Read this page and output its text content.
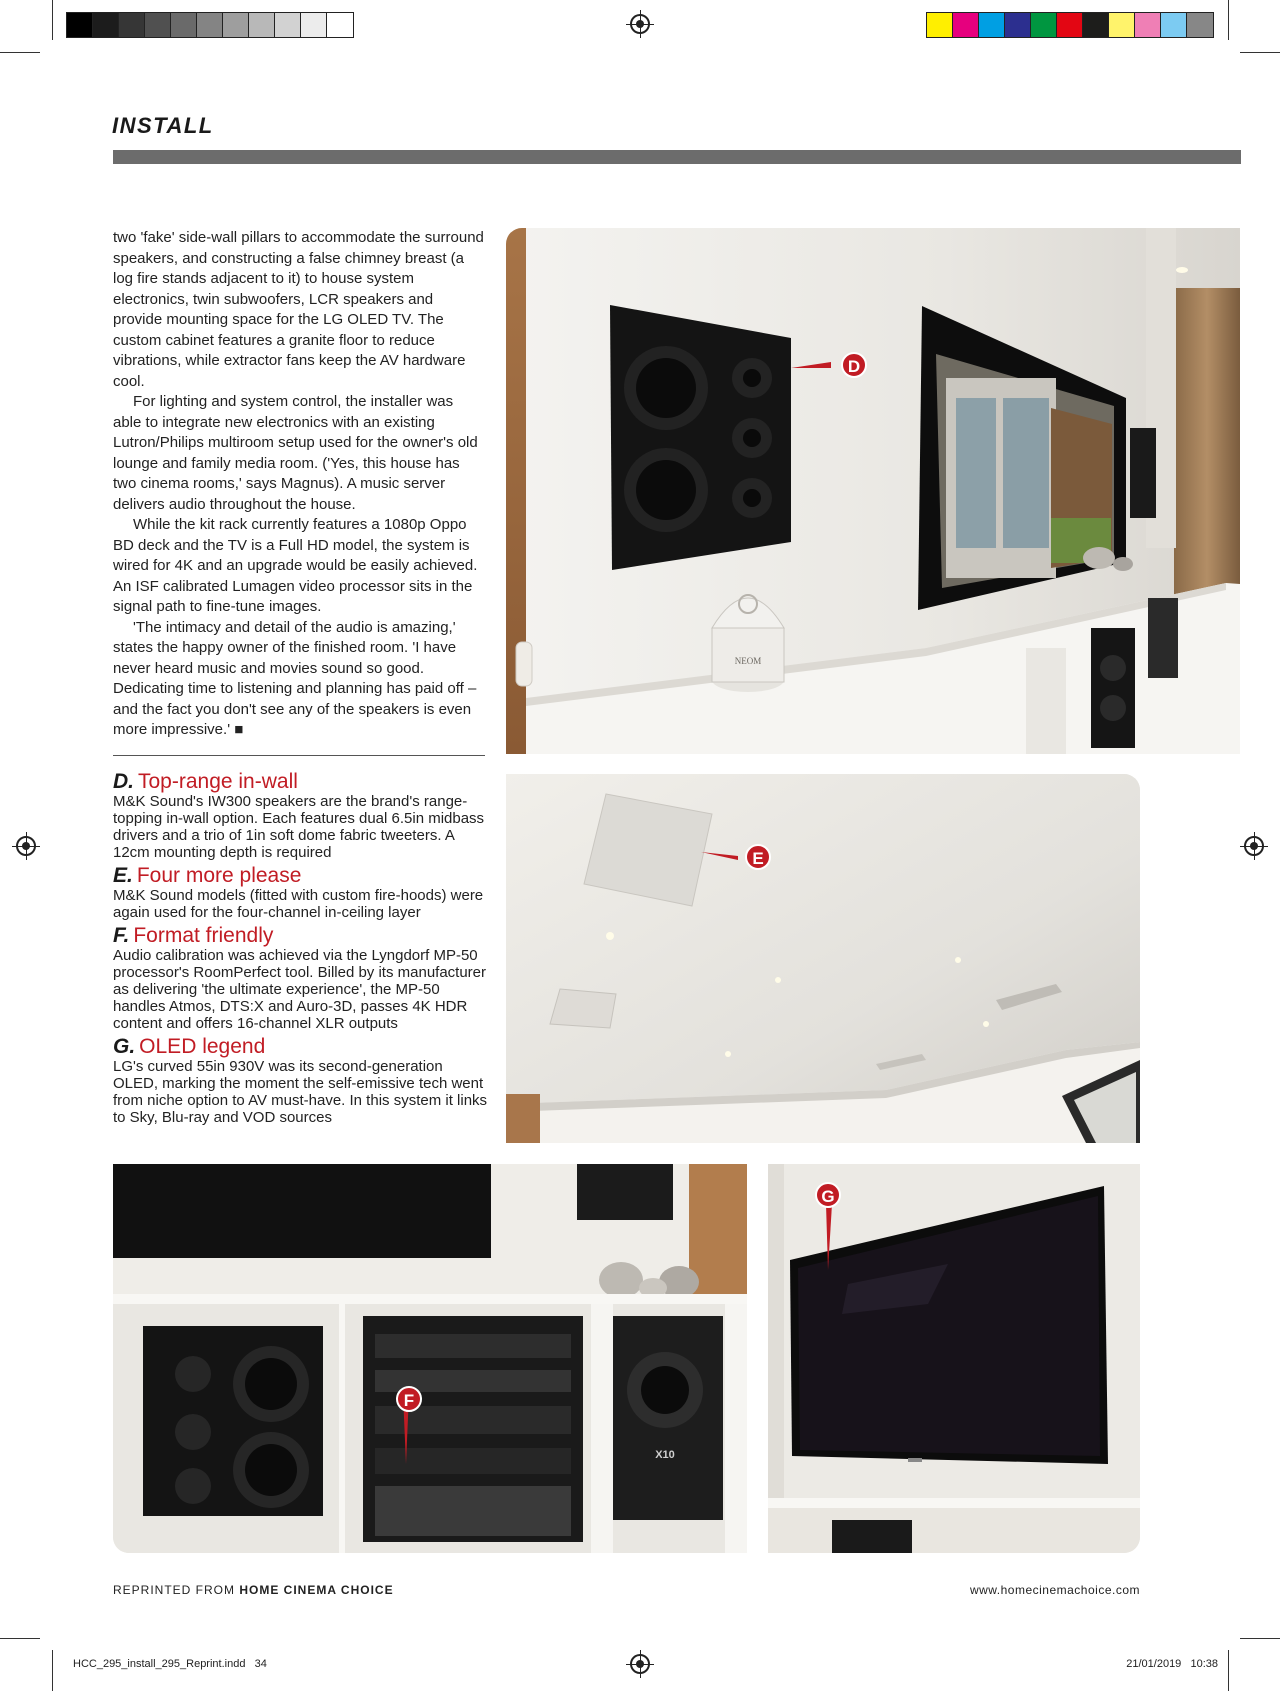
INSTALL

two 'fake' side-wall pillars to accommodate the surround speakers, and constructing a false chimney breast (a log fire stands adjacent to it) to house system electronics, twin subwoofers, LCR speakers and provide mounting space for the LG OLED TV. The custom cabinet features a granite floor to reduce vibrations, while extractor fans keep the AV hardware cool.

For lighting and system control, the installer was able to integrate new electronics with an existing Lutron/Philips multiroom setup used for the owner's old lounge and family media room. ('Yes, this house has two cinema rooms,' says Magnus). A music server delivers audio throughout the house.

While the kit rack currently features a 1080p Oppo BD deck and the TV is a Full HD model, the system is wired for 4K and an upgrade would be easily achieved. An ISF calibrated Lumagen video processor sits in the signal path to fine-tune images.

'The intimacy and detail of the audio is amazing,' states the happy owner of the finished room. 'I have never heard music and movies sound so good. Dedicating time to listening and planning has paid off – and the fact you don't see any of the speakers is even more impressive.' ■

D. Top-range in-wall

M&K Sound's IW300 speakers are the brand's range-topping in-wall option. Each features dual 6.5in midbass drivers and a trio of 1in soft dome fabric tweeters. A 12cm mounting depth is required

E. Four more please

M&K Sound models (fitted with custom fire-hoods) were again used for the four-channel in-ceiling layer

F. Format friendly

Audio calibration was achieved via the Lyngdorf MP-50 processor's RoomPerfect tool. Billed by its manufacturer as delivering 'the ultimate experience', the MP-50 handles Atmos, DTS:X and Auro-3D, passes 4K HDR content and offers 16-channel XLR outputs

G. OLED legend

LG's curved 55in 930V was its second-generation OLED, marking the moment the self-emissive tech went from niche option to AV must-have. In this system it links to Sky, Blu-ray and VOD sources

NEOM
D
E
X10
F
G
REPRINTED FROM HOME CINEMA CHOICE	www.homecinemachoice.com
HCC_295_install_295_Reprint.indd   34	21/01/2019   10:38
